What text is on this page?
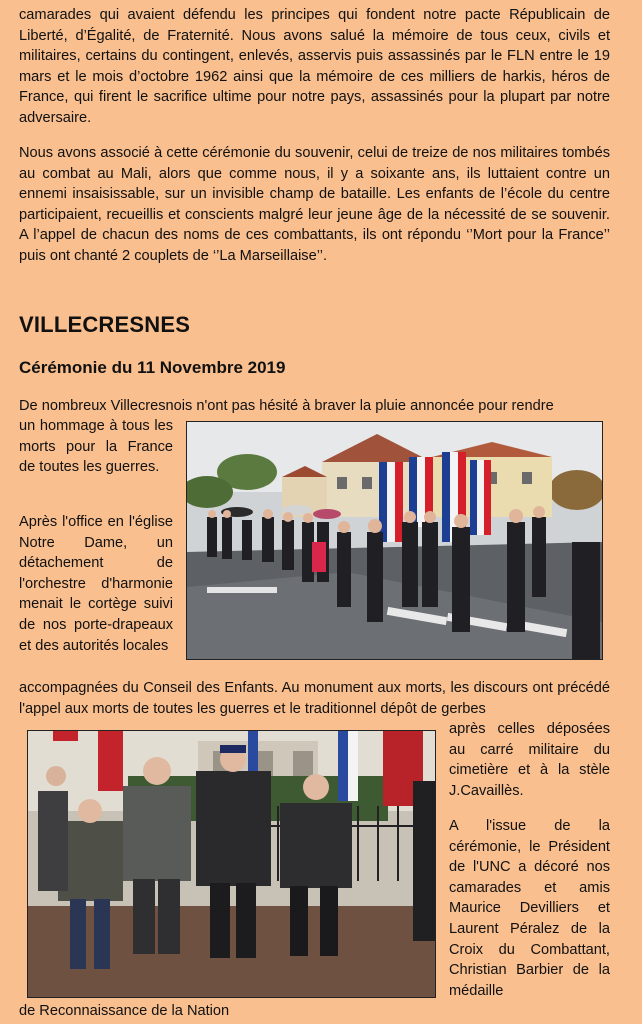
camarades qui avaient défendu les principes qui fondent notre pacte Républicain de Liberté, d’Égalité, de Fraternité. Nous avons salué la mémoire de tous ceux, civils et militaires, certains du contingent, enlevés, asservis puis assassinés par le FLN entre le 19 mars et le mois d’octobre 1962 ainsi que la mémoire de ces milliers de harkis, héros de France, qui firent le sacrifice ultime pour notre pays, assassinés pour la plupart par notre adversaire.

Nous avons associé à cette cérémonie du souvenir, celui de treize de nos militaires tombés au combat au Mali, alors que comme nous, il y a soixante ans, ils luttaient contre un ennemi insaisissable, sur un invisible champ de bataille. Les enfants de l’école du centre participaient, recueillis et conscients malgré leur jeune âge de la nécessité de se souvenir. A l’appel de chacun des noms de ces combattants, ils ont répondu ‘’Mort pour la France’’ puis ont chanté 2 couplets de ‘’La Marseillaise’’.

VILLECRESNES
Cérémonie du 11 Novembre 2019

De nombreux Villecresnois n'ont pas hésité à braver la pluie annoncée pour rendre

un hommage à tous les morts pour la France de toutes les guerres.

Après l'office en l'église Notre Dame, un détachement de l'orchestre d'harmonie menait le cortège suivi de nos porte-drapeaux et des autorités locales

accompagnées du Conseil des Enfants. Au monument aux morts, les discours ont précédé l'appel aux morts de toutes les guerres et le traditionnel dépôt de gerbes

après celles déposées au carré militaire du cimetière et à la stèle J.Cavaillès.

A l'issue de la cérémonie, le Président de l'UNC a décoré nos camarades et amis Maurice Devilliers et Laurent Péralez de la Croix du Combattant, Christian Barbier de la médaille

de Reconnaissance de la Nation
